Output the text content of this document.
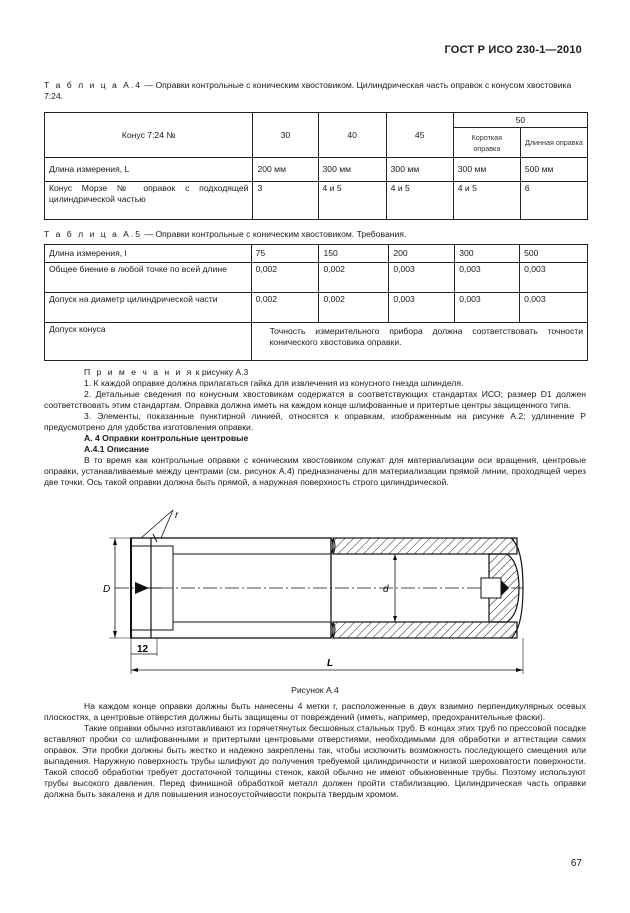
ГОСТ Р ИСО 230-1—2010
Т а б л и ц а А.4 — Оправки контрольные с коническим хвостовиком. Цилиндрическая часть оправок с конусом хвостовика 7:24.
Конус 7:24 №	30	40	45	50	
				Короткая оправка	Длинная оправка
Длина измерения, L	200 мм	300 мм	300 мм	300 мм	500 мм
Конус Морзе № оправок с подходящей цилиндрической частью	3	4 и 5	4 и 5	4 и 5	6
Т а б л и ц а А.5 — Оправки контрольные с коническим хвостовиком. Требования.
Длина измерения, l	75	150	200	300	500
Общее биение в любой точке по всей длине	0,002	0,002	0,003	0,003	0,003
Допуск на диаметр цилиндрической части	0,002	0,002	0,003	0,003	0,003
Допуск конуса	Точность измерительного прибора должна соответствовать точности конического хвостовика оправки.				

П р и м е ч а н и я к рисунку А.3

1. К каждой оправке должна прилагаться гайка для извлечения из конусного гнезда шпинделя.

2. Детальные сведения по конусным хвостовикам содержатся в соответствующих стандартах ИСО; размер D1 должен соответствовать этим стандартам. Оправка должна иметь на каждом конце шлифованные и притертые центры защищенного типа.

3. Элементы, показанные пунктирной линией, относятся к оправкам, изображенным на рисунке А.2; удлинение P предусмотрено для удобства изготовления оправки.

А. 4 Оправки контрольные центровые

А.4.1 Описание

В то время как контрольные оправки с коническим хвостовиком служат для материализации оси вращения, центровые оправки, устанавливаемые между центрами (см. рисунок А.4) предназначены для материализации прямой линии, проходящей через две точки. Ось такой оправки должна быть прямой, а наружная поверхность строго цилиндрической.

r
D
12
d
L
Рисунок А.4

На каждом конце оправки должны быть нанесены 4 метки r, расположенные в двух взаимно перпендикулярных осевых плоскостях, а центровые отверстия должны быть защищены от повреждений (иметь, например, предохранительные фаски).

Такие оправки обычно изготавливают из горячетянутых бесшовных стальных труб. В концах этих труб по прессовой посадке вставляют пробки со шлифованными и притертыми центровыми отверстиями, необходимыми для обработки и аттестации самих оправок. Эти пробки должны быть жестко и надежно закреплены так, чтобы исключить возможность последующего смещения или выпадения. Наружную поверхность трубы шлифуют до получения требуемой цилиндричности и низкой шероховатости поверхности. Такой способ обработки требует достаточной толщины стенок, какой обычно не имеют обыкновенные трубы. Поэтому используют трубы высокого давления. Перед финишной обработкой металл должен пройти стабилизацию. Цилиндрическая часть оправки должна быть закалена и для повышения износоустойчивости покрыта твердым хромом.

67
